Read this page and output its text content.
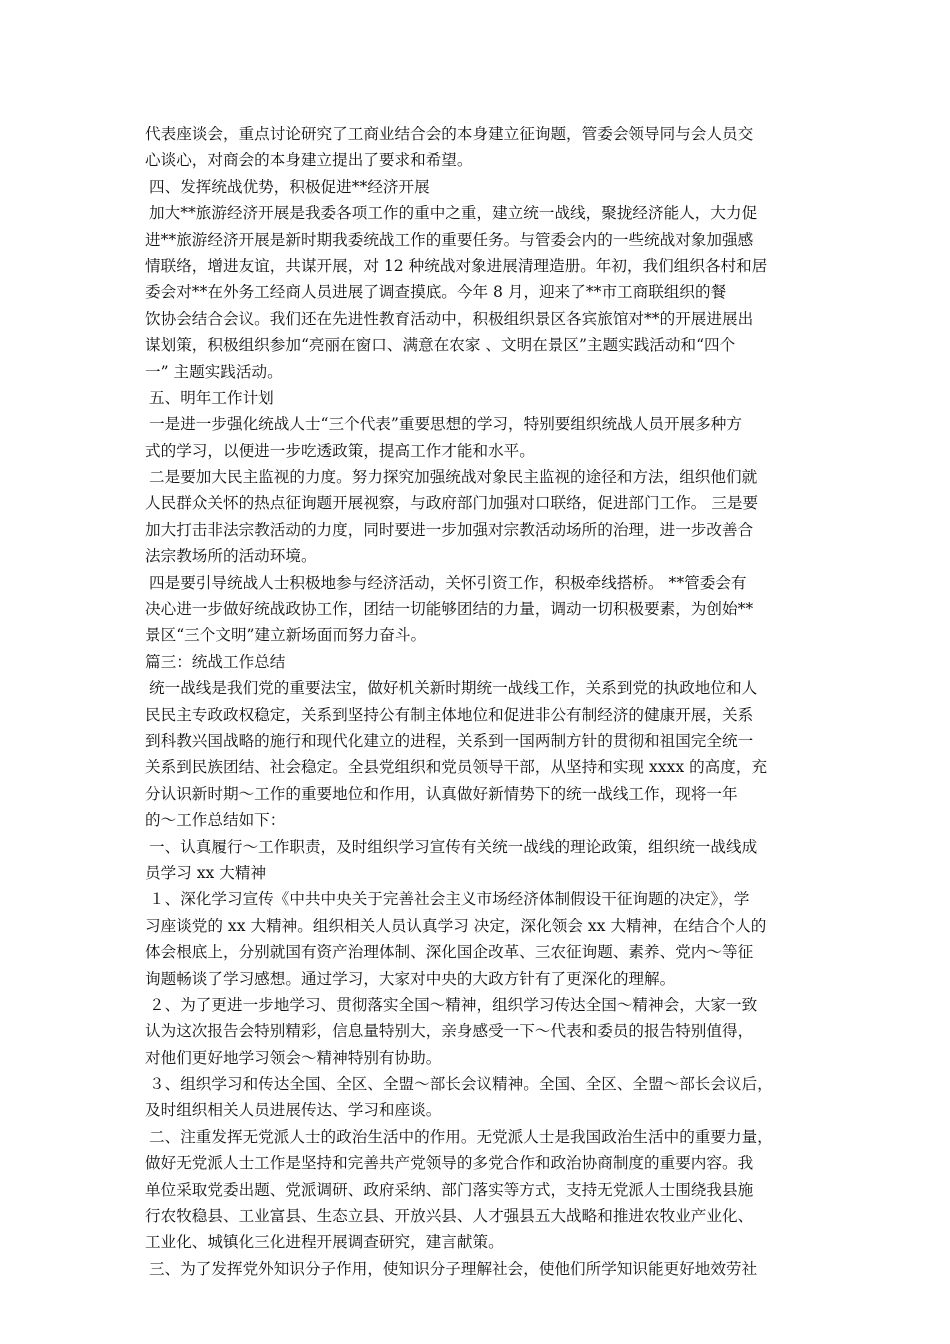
代表座谈会，重点讨论研究了工商业结合会的本身建立征询题，管委会领导同与会人员交
心谈心，对商会的本身建立提出了要求和希望。
四、发挥统战优势，积极促进**经济开展
加大**旅游经济开展是我委各项工作的重中之重，建立统一战线，聚拢经济能人，大力促
进**旅游经济开展是新时期我委统战工作的重要任务。与管委会内的一些统战对象加强感
情联络，增进友谊，共谋开展，对 12 种统战对象进展清理造册。年初，我们组织各村和居
委会对**在外务工经商人员进展了调查摸底。今年 8 月，迎来了**市工商联组织的餐
饮协会结合会议。我们还在先进性教育活动中，积极组织景区各宾旅馆对**的开展进展出
谋划策，积极组织参加“亮丽在窗口、满意在农家 、文明在景区”主题实践活动和“四个
一” 主题实践活动。
五、明年工作计划
一是进一步强化统战人士“三个代表”重要思想的学习，特别要组织统战人员开展多种方
式的学习，以便进一步吃透政策，提高工作才能和水平。
二是要加大民主监视的力度。努力探究加强统战对象民主监视的途径和方法，组织他们就
人民群众关怀的热点征询题开展视察，与政府部门加强对口联络，促进部门工作。 三是要
加大打击非法宗教活动的力度，同时要进一步加强对宗教活动场所的治理，进一步改善合
法宗教场所的活动环境。
四是要引导统战人士积极地参与经济活动，关怀引资工作，积极牵线搭桥。 **管委会有
决心进一步做好统战政协工作，团结一切能够团结的力量，调动一切积极要素，为创始**
景区“三个文明”建立新场面而努力奋斗。
篇三：统战工作总结
统一战线是我们党的重要法宝，做好机关新时期统一战线工作，关系到党的执政地位和人
民民主专政政权稳定，关系到坚持公有制主体地位和促进非公有制经济的健康开展，关系
到科教兴国战略的施行和现代化建立的进程，关系到一国两制方针的贯彻和祖国完全统一
关系到民族团结、社会稳定。全县党组织和党员领导干部，从坚持和实现 xxxx 的高度，充
分认识新时期～工作的重要地位和作用，认真做好新情势下的统一战线工作，现将一年
的～工作总结如下：
一、认真履行～工作职责，及时组织学习宣传有关统一战线的理论政策，组织统一战线成
员学习 xx 大精神
１、深化学习宣传《中共中央关于完善社会主义市场经济体制假设干征询题的决定》，学
习座谈党的 xx 大精神。组织相关人员认真学习 决定，深化领会 xx 大精神，在结合个人的
体会根底上，分别就国有资产治理体制、深化国企改革、三农征询题、素养、党内～等征
询题畅谈了学习感想。通过学习，大家对中央的大政方针有了更深化的理解。
２、为了更进一步地学习、贯彻落实全国～精神，组织学习传达全国～精神会，大家一致
认为这次报告会特别精彩，信息量特别大，亲身感受一下～代表和委员的报告特别值得，
对他们更好地学习领会～精神特别有协助。
３、组织学习和传达全国、全区、全盟～部长会议精神。全国、全区、全盟～部长会议后，
及时组织相关人员进展传达、学习和座谈。
二、注重发挥无党派人士的政治生活中的作用。无党派人士是我国政治生活中的重要力量，
做好无党派人士工作是坚持和完善共产党领导的多党合作和政治协商制度的重要内容。我
单位采取党委出题、党派调研、政府采纳、部门落实等方式，支持无党派人士围绕我县施
行农牧稳县、工业富县、生态立县、开放兴县、人才强县五大战略和推进农牧业产业化、
工业化、城镇化三化进程开展调查研究，建言献策。
三、为了发挥党外知识分子作用，使知识分子理解社会，使他们所学知识能更好地效劳社
